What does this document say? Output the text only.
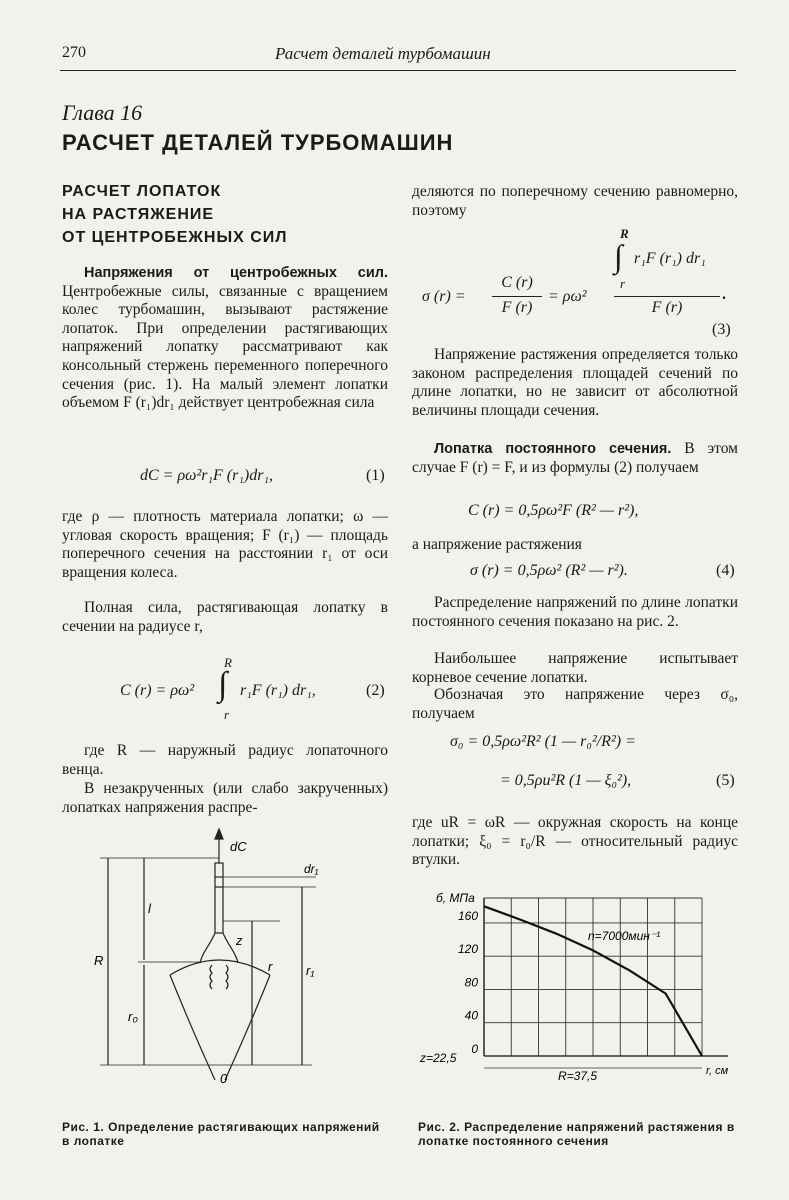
270	Расчет деталей турбомашин
Глава 16
РАСЧЕТ ДЕТАЛЕЙ ТУРБОМАШИН
РАСЧЕТ ЛОПАТОК
НА РАСТЯЖЕНИЕ
ОТ ЦЕНТРОБЕЖНЫХ СИЛ
Напряжения от центробежных сил. Центробежные силы, связанные с вращением колес турбомашин, вызывают растяжение лопаток. При определении растягивающих напряжений лопатку рассматривают как консольный стержень переменного поперечного сечения (рис. 1). На малый элемент лопатки объемом F (r₁)dr₁ действует центробежная сила
dC = ρω²r₁F (r₁)dr₁,	(1)
где ρ — плотность материала лопатки; ω — угловая скорость вращения; F (r₁) — площадь поперечного сечения на расстоянии r₁ от оси вращения колеса.
Полная сила, растягивающая лопатку в сечении на радиусе r,
C (r) = ρω²
R
∫
r
r₁F (r₁) dr₁,	(2)
где R — наружный радиус лопаточного венца.
В незакрученных (или слабо закрученных) лопатках напряжения распре-
деляются по поперечному сечению равномерно, поэтому
σ (r) =
C (r)
F (r)
= ρω²
R
∫
r
r₁F (r₁) dr₁
F (r)
.
(3)
Напряжение растяжения определяется только законом распределения площадей сечений по длине лопатки, но не зависит от абсолютной величины площади сечения.
Лопатка постоянного сечения. В этом случае F (r) = F, и из формулы (2) получаем
C (r) = 0,5ρω²F (R² — r²),
а напряжение растяжения
σ (r) = 0,5ρω² (R² — r²).	(4)
Распределение напряжений по длине лопатки постоянного сечения показано на рис. 2.
Наибольшее напряжение испытывает корневое сечение лопатки.
Обозначая это напряжение через σ₀, получаем
σ₀ = 0,5ρω²R² (1 — r₀²/R²) =
= 0,5ρu²R (1 — ξ₀²),	(5)
где uR = ωR — окружная скорость на конце лопатки; ξ₀ = r₀/R — относительный радиус втулки.
dC
dr₁
l
z
R	r	r₁
r₀
0
Рис. 1. Определение растягивающих напряжений в лопатке
0
40
80
120
160
б, МПа
n=7000мин⁻¹
r, см
z=22,5
R=37,5
Рис. 2. Распределение напряжений растяжения в лопатке постоянного сечения
